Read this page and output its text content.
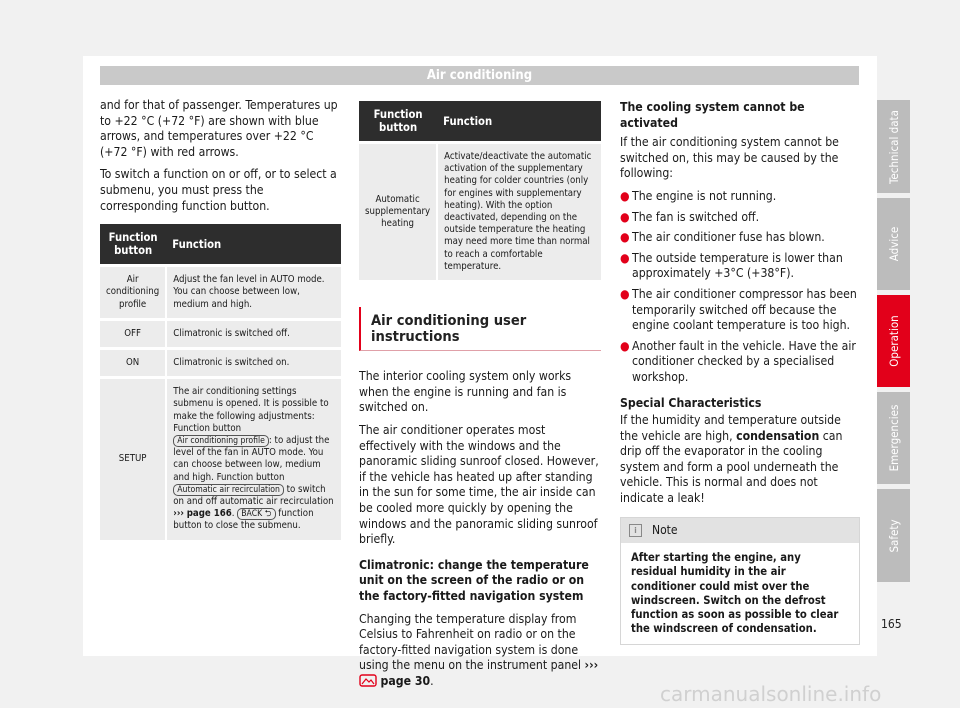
Air conditioning

and for that of passenger. Temperatures up to +22 °C (+72 °F) are shown with blue arrows, and temperatures over +22 °C (+72 °F) with red arrows.

To switch a function on or off, or to select a submenu, you must press the corresponding function button.

Function button	Function
Air conditioning profile	Adjust the fan level in AUTO mode. You can choose between low, medium and high.
OFF	Climatronic is switched off.
ON	Climatronic is switched on.
SETUP	The air conditioning settings submenu is opened. It is possible to make the following adjustments: Function button Air conditioning profile : to adjust the level of the fan in AUTO mode. You can choose between low, medium and high. Function button Automatic air recirculation to switch on and off automatic air recirculation ››› page 166. BACK ⮌ function button to close the submenu.
Function button	Function
Automatic supplementary heating	Activate/deactivate the automatic activation of the supplementary heating for colder countries (only for engines with supplementary heating). With the option deactivated, depending on the outside temperature the heating may need more time than normal to reach a comfortable temperature.
Air conditioning user instructions

The interior cooling system only works when the engine is running and fan is switched on.

The air conditioner operates most effectively with the windows and the panoramic sliding sunroof closed. However, if the vehicle has heated up after standing in the sun for some time, the air inside can be cooled more quickly by opening the windows and the panoramic sliding sunroof briefly.

Climatronic: change the temperature unit on the screen of the radio or on the factory-fitted navigation system

Changing the temperature display from Celsius to Fahrenheit on radio or on the factory-fitted navigation system is done using the menu on the instrument panel ›››  page 30.

The cooling system cannot be activated

If the air conditioning system cannot be switched on, this may be caused by the following:

● The engine is not running.
● The fan is switched off.
● The air conditioner fuse has blown.
● The outside temperature is lower than approximately +3°C (+38°F).
● The air conditioner compressor has been temporarily switched off because the engine coolant temperature is too high.
● Another fault in the vehicle. Have the air conditioner checked by a specialised workshop.

Special Characteristics

If the humidity and temperature outside the vehicle are high, condensation can drip off the evaporator in the cooling system and form a pool underneath the vehicle. This is normal and does not indicate a leak!

i	Note
After starting the engine, any residual humidity in the air conditioner could mist over the windscreen. Switch on the defrost function as soon as possible to clear the windscreen of condensation.
Technical data
Advice
Operation
Emergencies
Safety
165
carmanualsonline.info
